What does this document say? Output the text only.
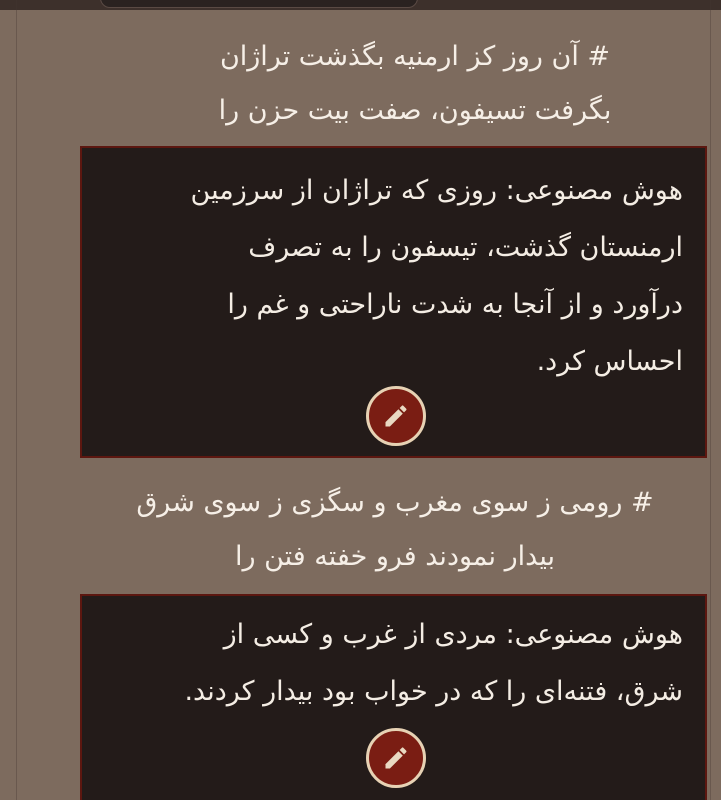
# آن روز کز ارمنیه بگذشت تراژان
بگرفت تسیفون، صفت بیت حزن را
هوش مصنوعی: روزی که تراژان از سرزمین
ارمنستان گذشت، تیسفون را به تصرف
درآورد و از آنجا به شدت ناراحتی و غم را
احساس کرد.
# رومی ز سوی مغرب و سگزی ز سوی شرق
بیدار نمودند فرو خفته فتن را
هوش مصنوعی: مردی از غرب و کسی از
شرق، فتنه‌ای را که در خواب بود بیدار کردند.
